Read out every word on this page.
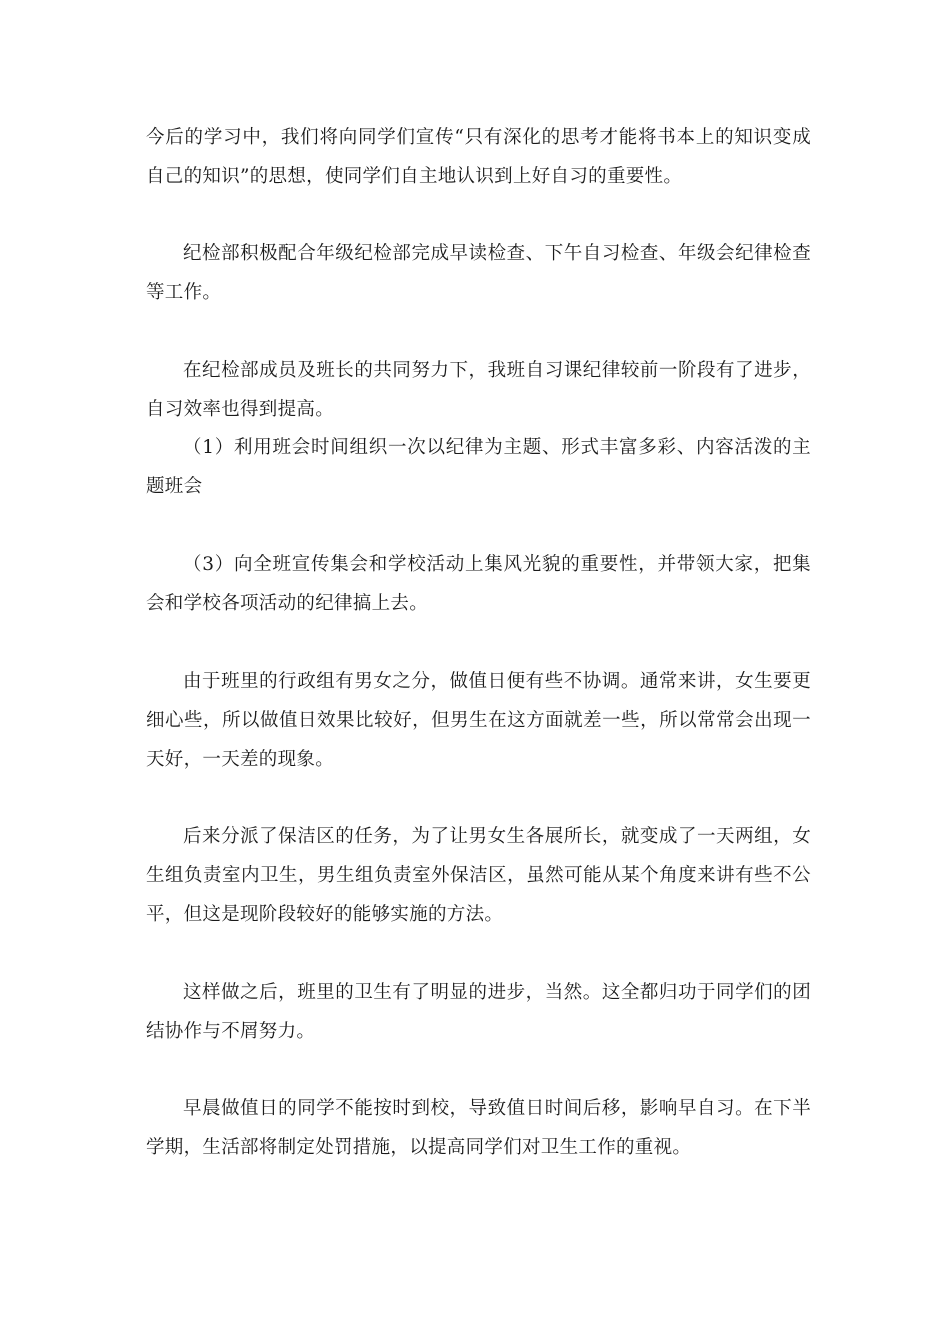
今后的学习中，我们将向同学们宣传“只有深化的思考才能将书本上的知识变成自己的知识”的思想，使同学们自主地认识到上好自习的重要性。

纪检部积极配合年级纪检部完成早读检查、下午自习检查、年级会纪律检查等工作。

在纪检部成员及班长的共同努力下，我班自习课纪律较前一阶段有了进步，自习效率也得到提高。

（1）利用班会时间组织一次以纪律为主题、形式丰富多彩、内容活泼的主题班会

（3）向全班宣传集会和学校活动上集风光貌的重要性，并带领大家，把集会和学校各项活动的纪律搞上去。

由于班里的行政组有男女之分，做值日便有些不协调。通常来讲，女生要更细心些，所以做值日效果比较好，但男生在这方面就差一些，所以常常会出现一天好，一天差的现象。

后来分派了保洁区的任务，为了让男女生各展所长，就变成了一天两组，女生组负责室内卫生，男生组负责室外保洁区，虽然可能从某个角度来讲有些不公平，但这是现阶段较好的能够实施的方法。

这样做之后，班里的卫生有了明显的进步，当然。这全都归功于同学们的团结协作与不屑努力。

早晨做值日的同学不能按时到校，导致值日时间后移，影响早自习。在下半学期，生活部将制定处罚措施，以提高同学们对卫生工作的重视。
